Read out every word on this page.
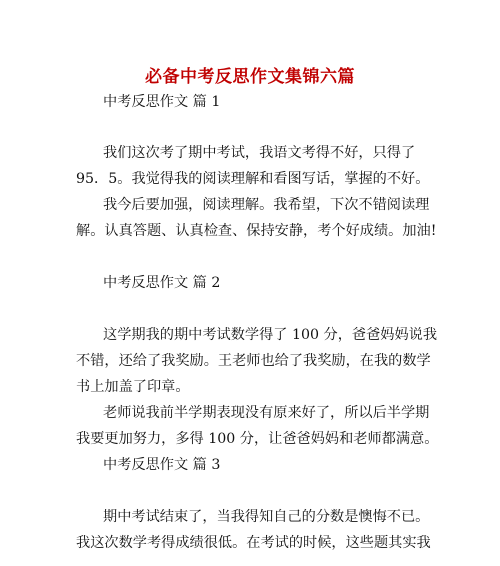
必备中考反思作文集锦六篇
中考反思作文 篇 1
我们这次考了期中考试，我语文考得不好，只得了
95．5。我觉得我的阅读理解和看图写话，掌握的不好。
我今后要加强，阅读理解。我希望，下次不错阅读理
解。认真答题、认真检查、保持安静，考个好成绩。加油!
中考反思作文 篇 2
这学期我的期中考试数学得了 100 分，爸爸妈妈说我
不错，还给了我奖励。王老师也给了我奖励，在我的数学
书上加盖了印章。
老师说我前半学期表现没有原来好了，所以后半学期
我要更加努力，多得 100 分，让爸爸妈妈和老师都满意。
中考反思作文 篇 3
期中考试结束了，当我得知自己的分数是懊悔不已。
我这次数学考得成绩很低。在考试的时候，这些题其实我
